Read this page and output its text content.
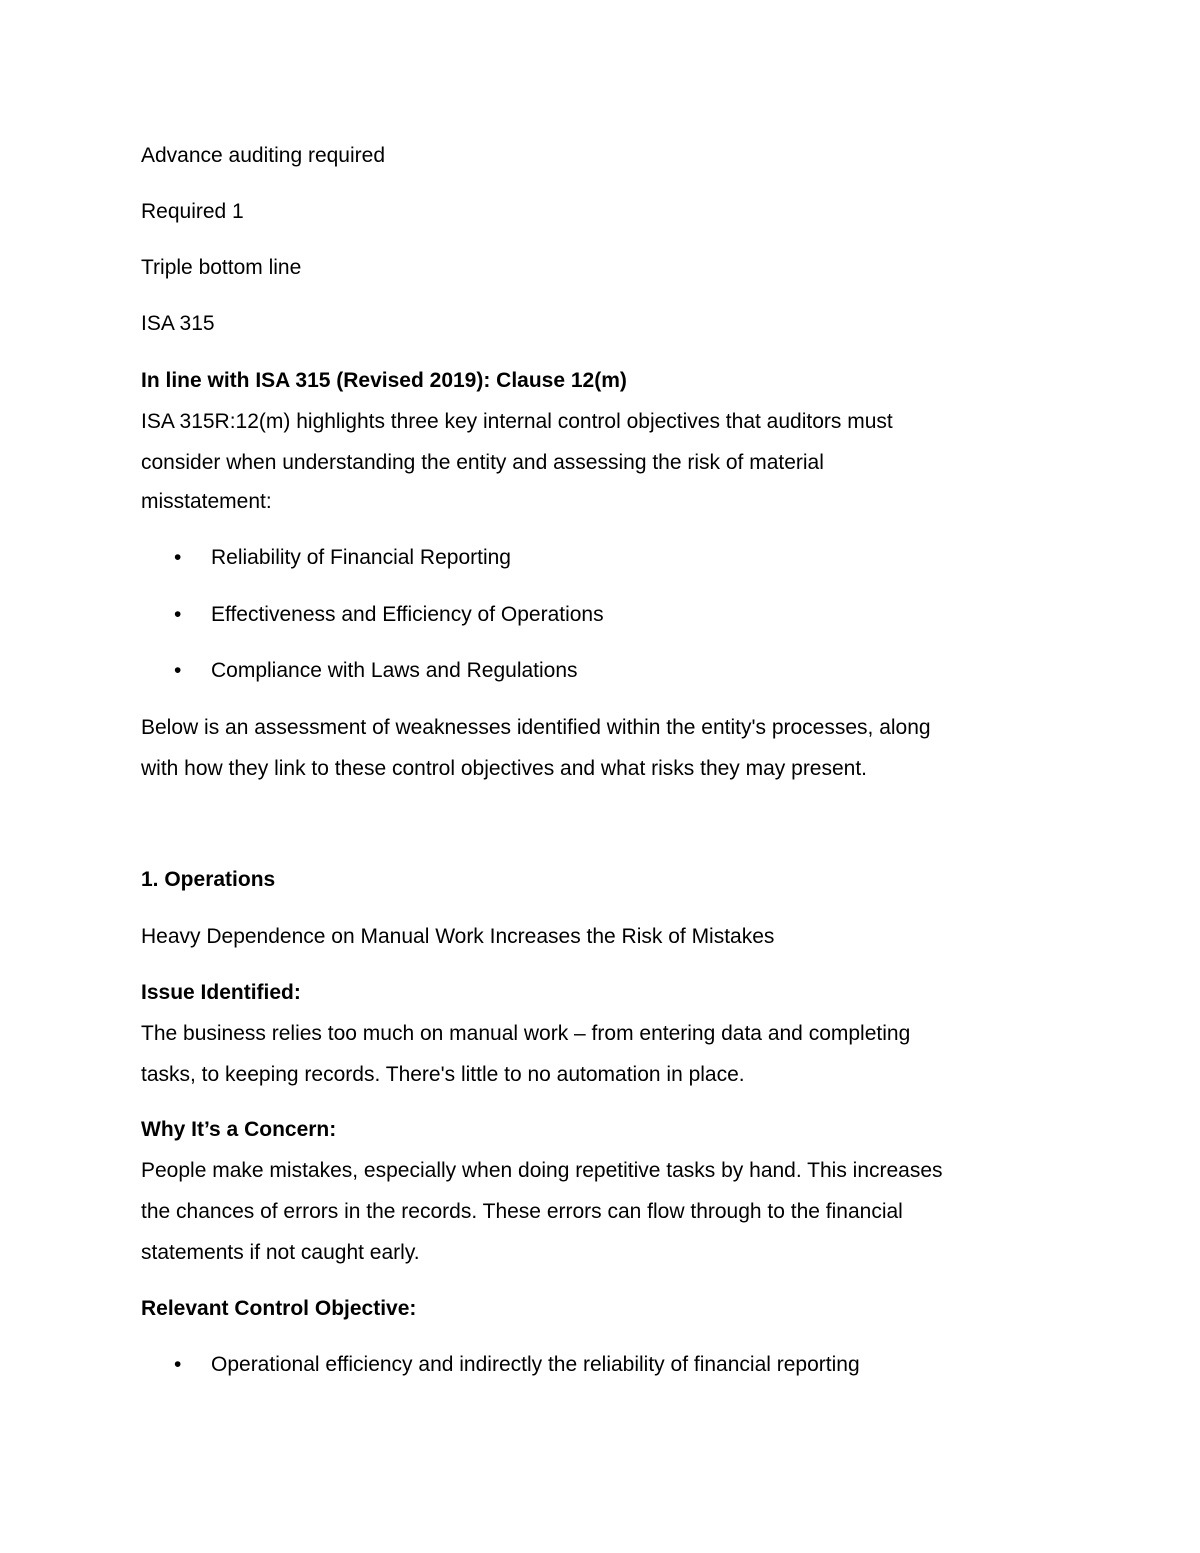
Advance auditing required

Required 1

Triple bottom line

ISA 315

In line with ISA 315 (Revised 2019): Clause 12(m)

ISA 315R:12(m) highlights three key internal control objectives that auditors must

consider when understanding the entity and assessing the risk of material

misstatement:

• Reliability of Financial Reporting

• Effectiveness and Efficiency of Operations

• Compliance with Laws and Regulations

Below is an assessment of weaknesses identified within the entity's processes, along

with how they link to these control objectives and what risks they may present.

1. Operations

Heavy Dependence on Manual Work Increases the Risk of Mistakes

Issue Identified:

The business relies too much on manual work – from entering data and completing

tasks, to keeping records. There's little to no automation in place.

Why It’s a Concern:

People make mistakes, especially when doing repetitive tasks by hand. This increases

the chances of errors in the records. These errors can flow through to the financial

statements if not caught early.

Relevant Control Objective:

• Operational efficiency and indirectly the reliability of financial reporting
